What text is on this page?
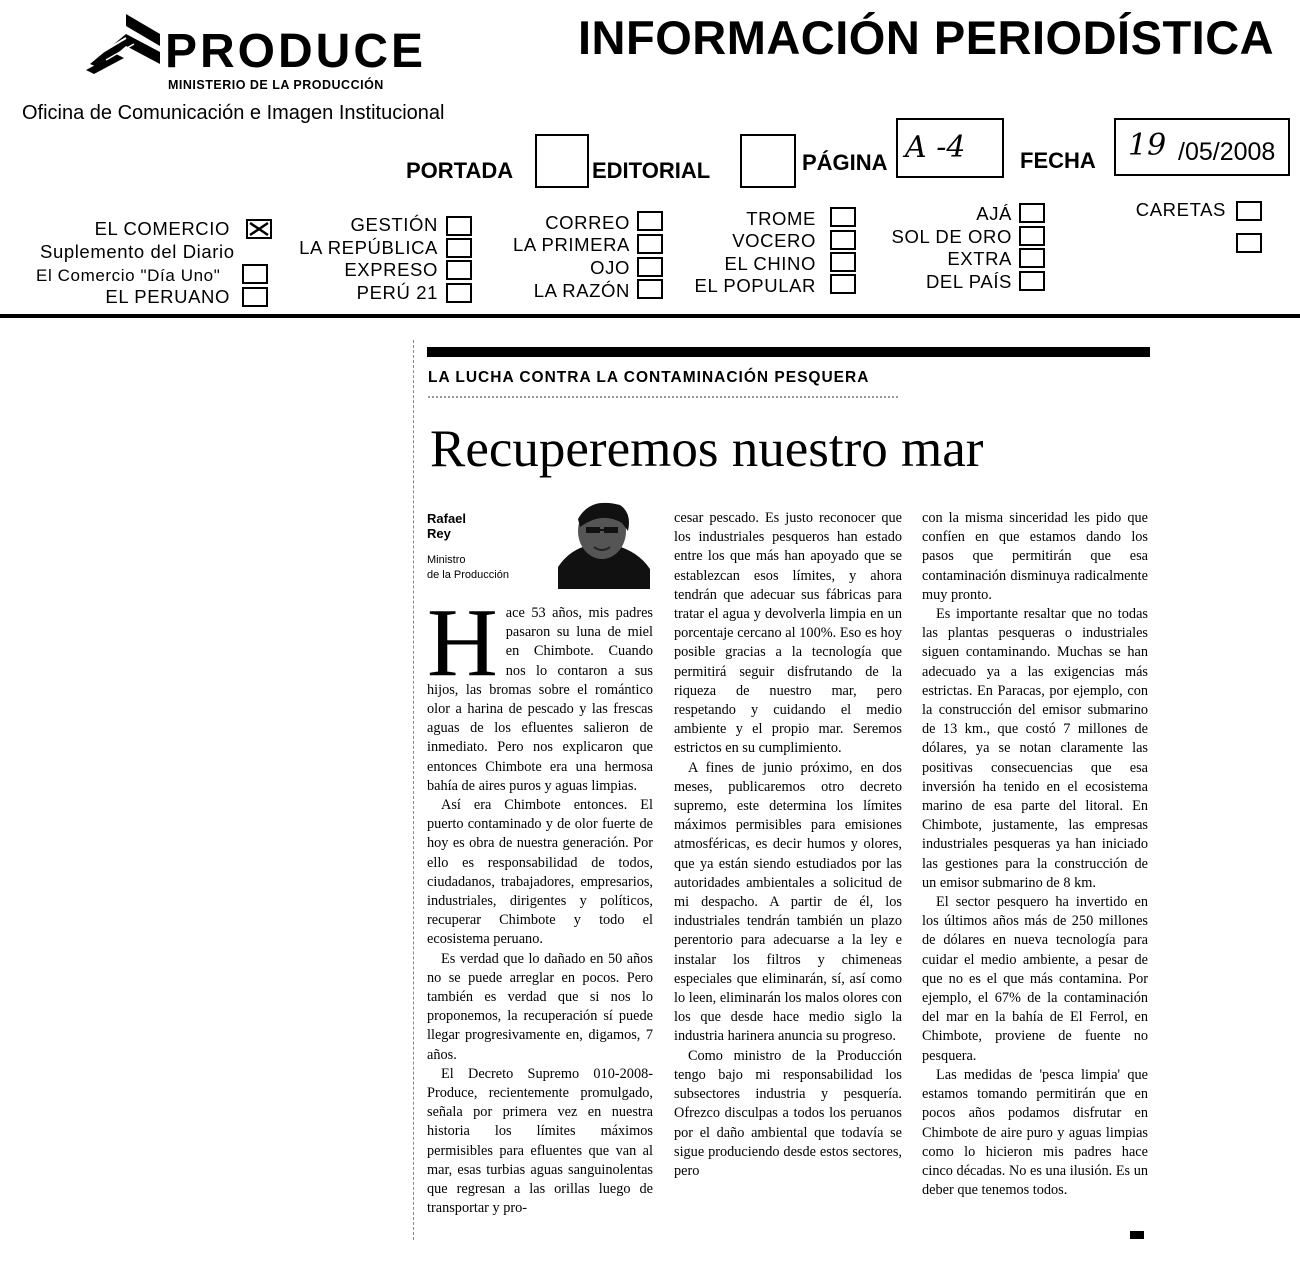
PRODUCE
MINISTERIO DE LA PRODUCCIÓN
Oficina de Comunicación e Imagen Institucional
INFORMACIÓN PERIODÍSTICA
PORTADA	EDITORIAL	PÁGINA A -4 FECHA 19 /05/2008
EL COMERCIO
Suplemento del Diario
El Comercio "Día Uno"
EL PERUANO
GESTIÓN
LA REPÚBLICA
EXPRESO
PERÚ 21
CORREO
LA PRIMERA
OJO
LA RAZÓN
TROME
VOCERO
EL CHINO
EL POPULAR
AJÁ
SOL DE ORO
EXTRA
DEL PAÍS
CARETAS
LA LUCHA CONTRA LA CONTAMINACIÓN PESQUERA
Recuperemos nuestro mar
Rafael
Rey
Ministro
de la Producción

Hace 53 años, mis padres pasaron su luna de miel en Chimbote. Cuando nos lo contaron a sus hijos, las bromas sobre el romántico olor a harina de pescado y las frescas aguas de los efluentes salieron de inmediato. Pero nos explicaron que entonces Chimbote era una hermosa bahía de aires puros y aguas limpias.

Así era Chimbote entonces. El puerto contaminado y de olor fuerte de hoy es obra de nuestra generación. Por ello es responsabilidad de todos, ciudadanos, trabajadores, empresarios, industriales, dirigentes y políticos, recuperar Chimbote y todo el ecosistema peruano.

Es verdad que lo dañado en 50 años no se puede arreglar en pocos. Pero también es verdad que si nos lo proponemos, la recuperación sí puede llegar progresivamente en, digamos, 7 años.

El Decreto Supremo 010-2008-Produce, recientemente promulgado, señala por primera vez en nuestra historia los límites máximos permisibles para efluentes que van al mar, esas turbias aguas sanguinolentas que regresan a las orillas luego de transportar y pro-

cesar pescado. Es justo reconocer que los industriales pesqueros han estado entre los que más han apoyado que se establezcan esos límites, y ahora tendrán que adecuar sus fábricas para tratar el agua y devolverla limpia en un porcentaje cercano al 100%. Eso es hoy posible gracias a la tecnología que permitirá seguir disfrutando de la riqueza de nuestro mar, pero respetando y cuidando el medio ambiente y el propio mar. Seremos estrictos en su cumplimiento.

A fines de junio próximo, en dos meses, publicaremos otro decreto supremo, este determina los límites máximos permisibles para emisiones atmosféricas, es decir humos y olores, que ya están siendo estudiados por las autoridades ambientales a solicitud de mi despacho. A partir de él, los industriales tendrán también un plazo perentorio para adecuarse a la ley e instalar los filtros y chimeneas especiales que eliminarán, sí, así como lo leen, eliminarán los malos olores con los que desde hace medio siglo la industria harinera anuncia su progreso.

Como ministro de la Producción tengo bajo mi responsabilidad los subsectores industria y pesquería. Ofrezco disculpas a todos los peruanos por el daño ambiental que todavía se sigue produciendo desde estos sectores, pero

con la misma sinceridad les pido que confíen en que estamos dando los pasos que permitirán que esa contaminación disminuya radicalmente muy pronto.

Es importante resaltar que no todas las plantas pesqueras o industriales siguen contaminando. Muchas se han adecuado ya a las exigencias más estrictas. En Paracas, por ejemplo, con la construcción del emisor submarino de 13 km., que costó 7 millones de dólares, ya se notan claramente las positivas consecuencias que esa inversión ha tenido en el ecosistema marino de esa parte del litoral. En Chimbote, justamente, las empresas industriales pesqueras ya han iniciado las gestiones para la construcción de un emisor submarino de 8 km.

El sector pesquero ha invertido en los últimos años más de 250 millones de dólares en nueva tecnología para cuidar el medio ambiente, a pesar de que no es el que más contamina. Por ejemplo, el 67% de la contaminación del mar en la bahía de El Ferrol, en Chimbote, proviene de fuente no pesquera.

Las medidas de 'pesca limpia' que estamos tomando permitirán que en pocos años podamos disfrutar en Chimbote de aire puro y aguas limpias como lo hicieron mis padres hace cinco décadas. No es una ilusión. Es un deber que tenemos todos.
